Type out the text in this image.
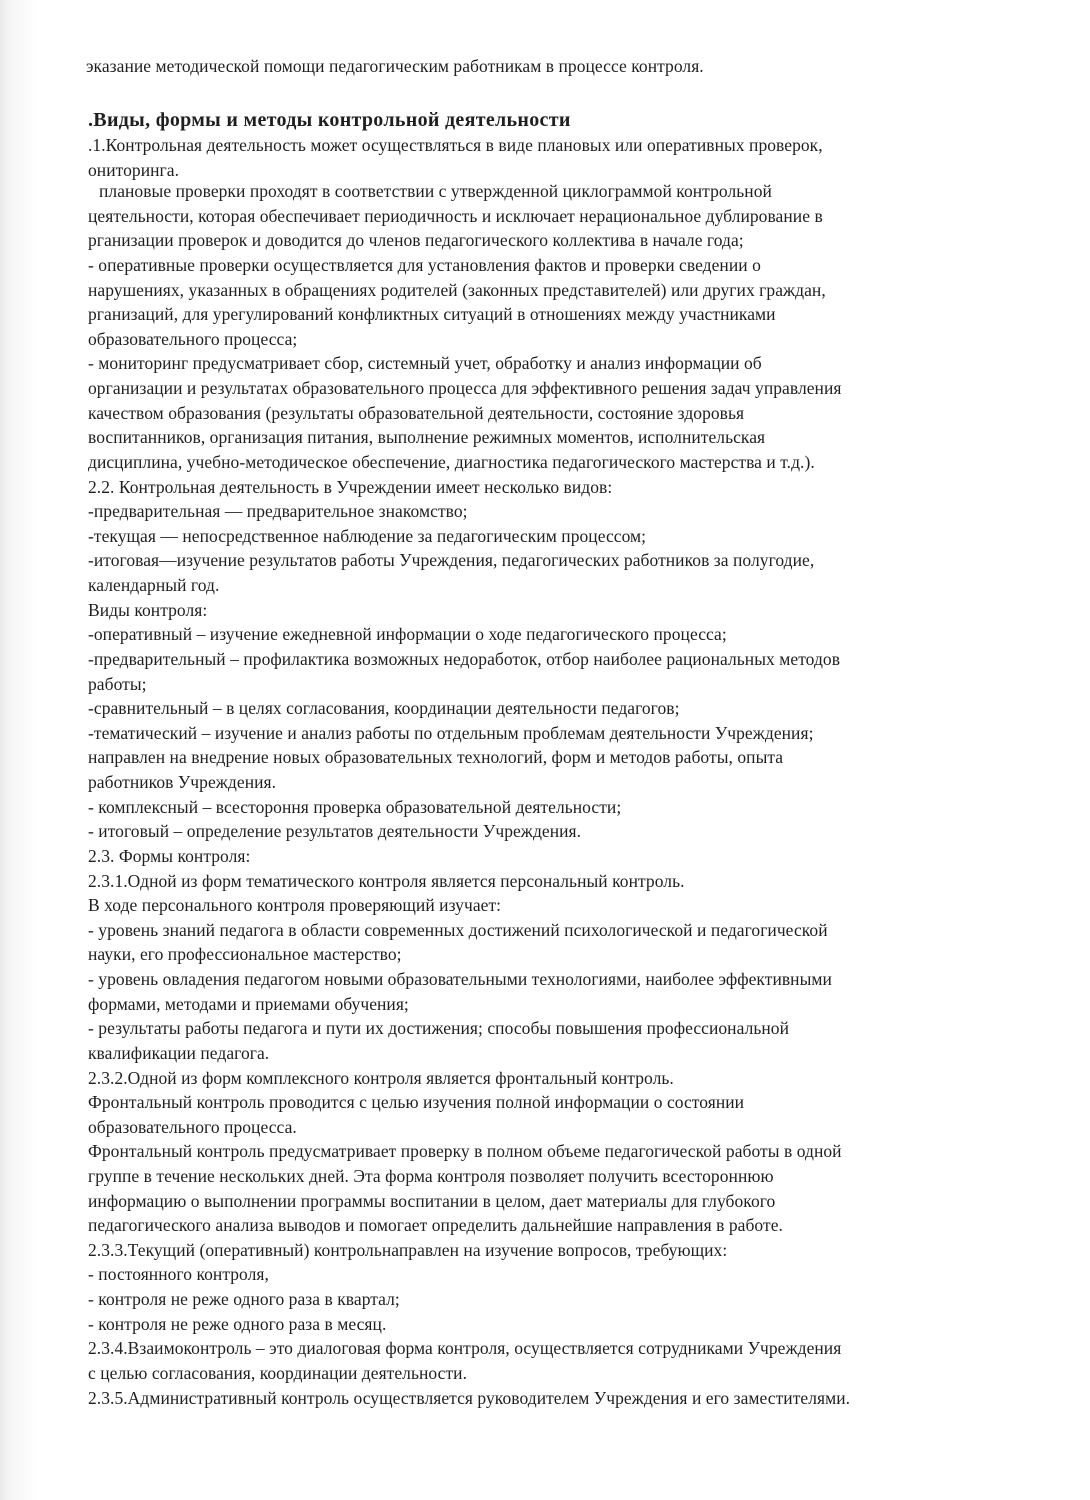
эказание методической помощи педагогическим работникам в процессе контроля.
.Виды, формы и методы контрольной деятельности
.1.Контрольная деятельность может осуществляться в виде плановых или оперативных проверок,
ониторинга.
плановые проверки проходят в соответствии с утвержденной циклограммой контрольной
цеятельности, которая обеспечивает периодичность и исключает нерациональное дублирование в
рганизации проверок и доводится до членов педагогического коллектива в начале года;
- оперативные проверки осуществляется для установления фактов и проверки сведении о
нарушениях, указанных в обращениях родителей (законных представителей) или других граждан,
рганизаций, для урегулирований конфликтных ситуаций в отношениях между участниками
образовательного процесса;
- мониторинг предусматривает сбор, системный учет, обработку и анализ информации об
организации и результатах образовательного процесса для эффективного решения задач управления
качеством образования (результаты образовательной деятельности, состояние здоровья
воспитанников, организация питания, выполнение режимных моментов, исполнительская
дисциплина, учебно-методическое обеспечение, диагностика педагогического мастерства и т.д.).
2.2. Контрольная деятельность в Учреждении имеет несколько видов:
-предварительная — предварительное знакомство;
-текущая — непосредственное наблюдение за педагогическим процессом;
-итоговая—изучение результатов работы Учреждения, педагогических работников за полугодие,
календарный год.
Виды контроля:
-оперативный – изучение ежедневной информации о ходе педагогического процесса;
-предварительный – профилактика возможных недоработок, отбор наиболее рациональных методов
работы;
-сравнительный – в целях согласования, координации деятельности педагогов;
-тематический – изучение и анализ работы по отдельным проблемам деятельности Учреждения;
направлен на внедрение новых образовательных технологий, форм и методов работы, опыта
работников Учреждения.
- комплексный – всестороння проверка образовательной деятельности;
- итоговый – определение результатов деятельности Учреждения.
2.3. Формы контроля:
2.3.1.Одной из форм тематического контроля является персональный контроль.
В ходе персонального контроля проверяющий изучает:
- уровень знаний педагога в области современных достижений психологической и педагогической
науки, его профессиональное мастерство;
- уровень овладения педагогом новыми образовательными технологиями, наиболее эффективными
формами, методами и приемами обучения;
- результаты работы педагога и пути их достижения; способы повышения профессиональной
квалификации педагога.
2.3.2.Одной из форм комплексного контроля является фронтальный контроль.
Фронтальный контроль проводится с целью изучения полной информации о состоянии
образовательного процесса.
Фронтальный контроль предусматривает проверку в полном объеме педагогической работы в одной
группе в течение нескольких дней. Эта форма контроля позволяет получить всестороннюю
информацию о выполнении программы воспитании в целом, дает материалы для глубокого
педагогического анализа выводов и помогает определить дальнейшие направления в работе.
2.3.3.Текущий (оперативный) контрольнаправлен на изучение вопросов, требующих:
- постоянного контроля,
- контроля не реже одного раза в квартал;
- контроля не реже одного раза в месяц.
2.3.4.Взаимоконтроль – это диалоговая форма контроля, осуществляется сотрудниками Учреждения
с целью согласования, координации деятельности.
2.3.5.Административный контроль осуществляется руководителем Учреждения и его заместителями.
